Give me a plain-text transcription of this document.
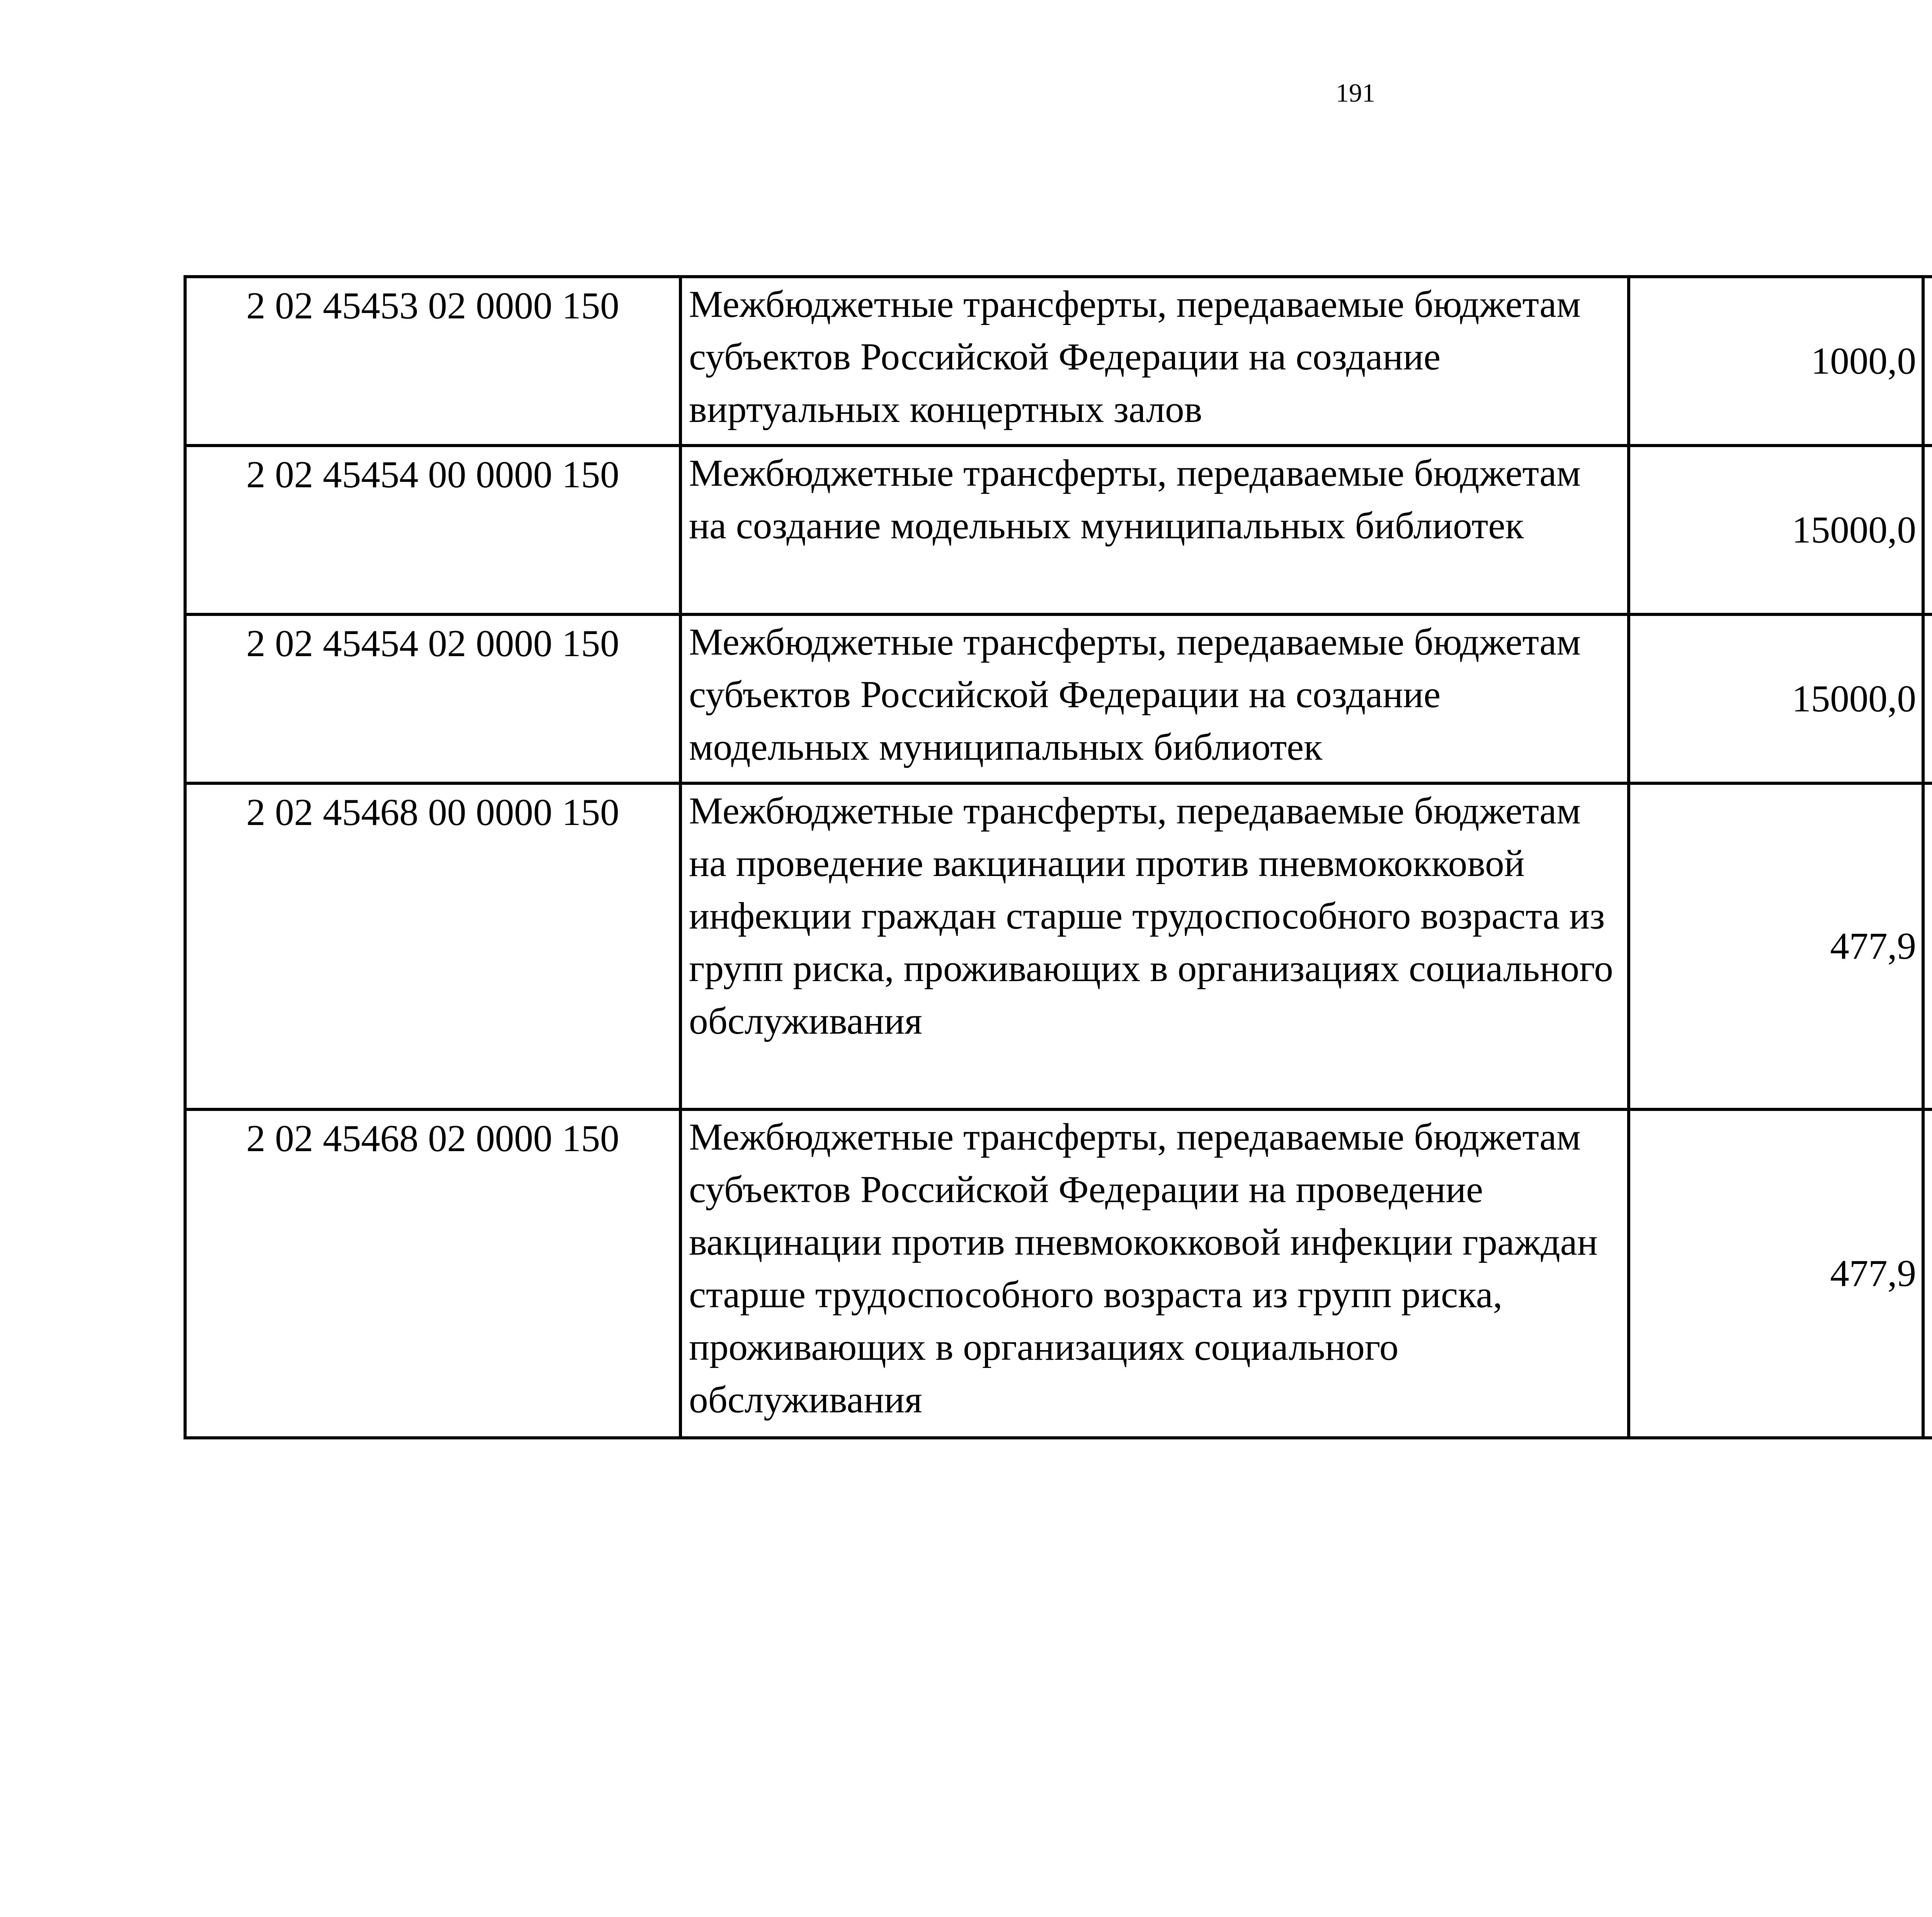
191
2 02 45453 02 0000 150	Межбюджетные трансферты, передаваемые бюджетам субъектов Российской Федерации на создание виртуальных концертных залов	1000,0		
2 02 45454 00 0000 150	Межбюджетные трансферты, передаваемые бюджетам на создание модельных муниципальных библиотек	15000,0		
2 02 45454 02 0000 150	Межбюджетные трансферты, передаваемые бюджетам субъектов Российской Федерации на создание модельных муниципальных библиотек	15000,0		
2 02 45468 00 0000 150	Межбюджетные трансферты, передаваемые бюджетам на проведение вакцинации против пневмококковой инфекции граждан старше трудоспособного возраста из групп риска, проживающих в организациях социального обслуживания	477,9		
2 02 45468 02 0000 150	Межбюджетные трансферты, передаваемые бюджетам субъектов Российской Федерации на проведение вакцинации против пневмококковой инфекции граждан старше трудоспособного возраста из групп риска, проживающих в организациях социального обслуживания	477,9		
